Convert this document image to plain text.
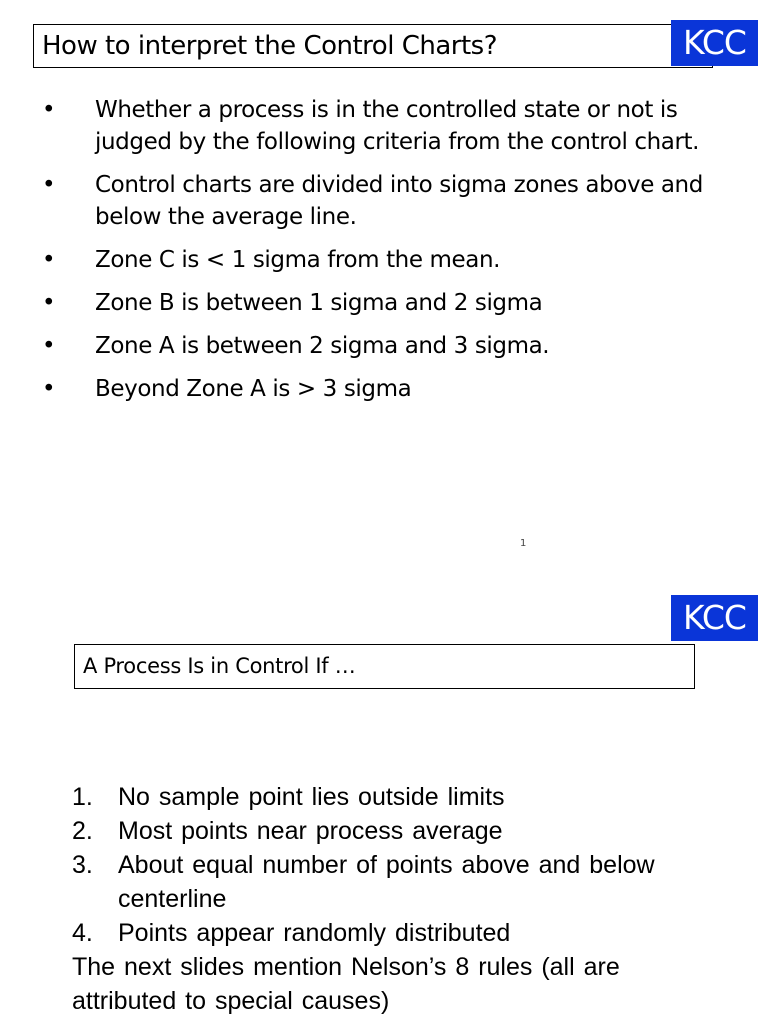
How to interpret the Control Charts?	KCC
• Whether a process is in the controlled state or not is judged by the following criteria from the control chart.
• Control charts are divided into sigma zones above and below the average line.
• Zone C is < 1 sigma from the mean.
• Zone B is between 1 sigma and 2 sigma
• Zone A is between 2 sigma and 3 sigma.
• Beyond Zone A is > 3 sigma
1
KCC
A Process Is in Control If …
1. No sample point lies outside limits
2. Most points near process average
3. About equal number of points above and below centerline
4. Points appear randomly distributed

The next slides mention Nelson’s 8 rules (all are attributed to special causes)
